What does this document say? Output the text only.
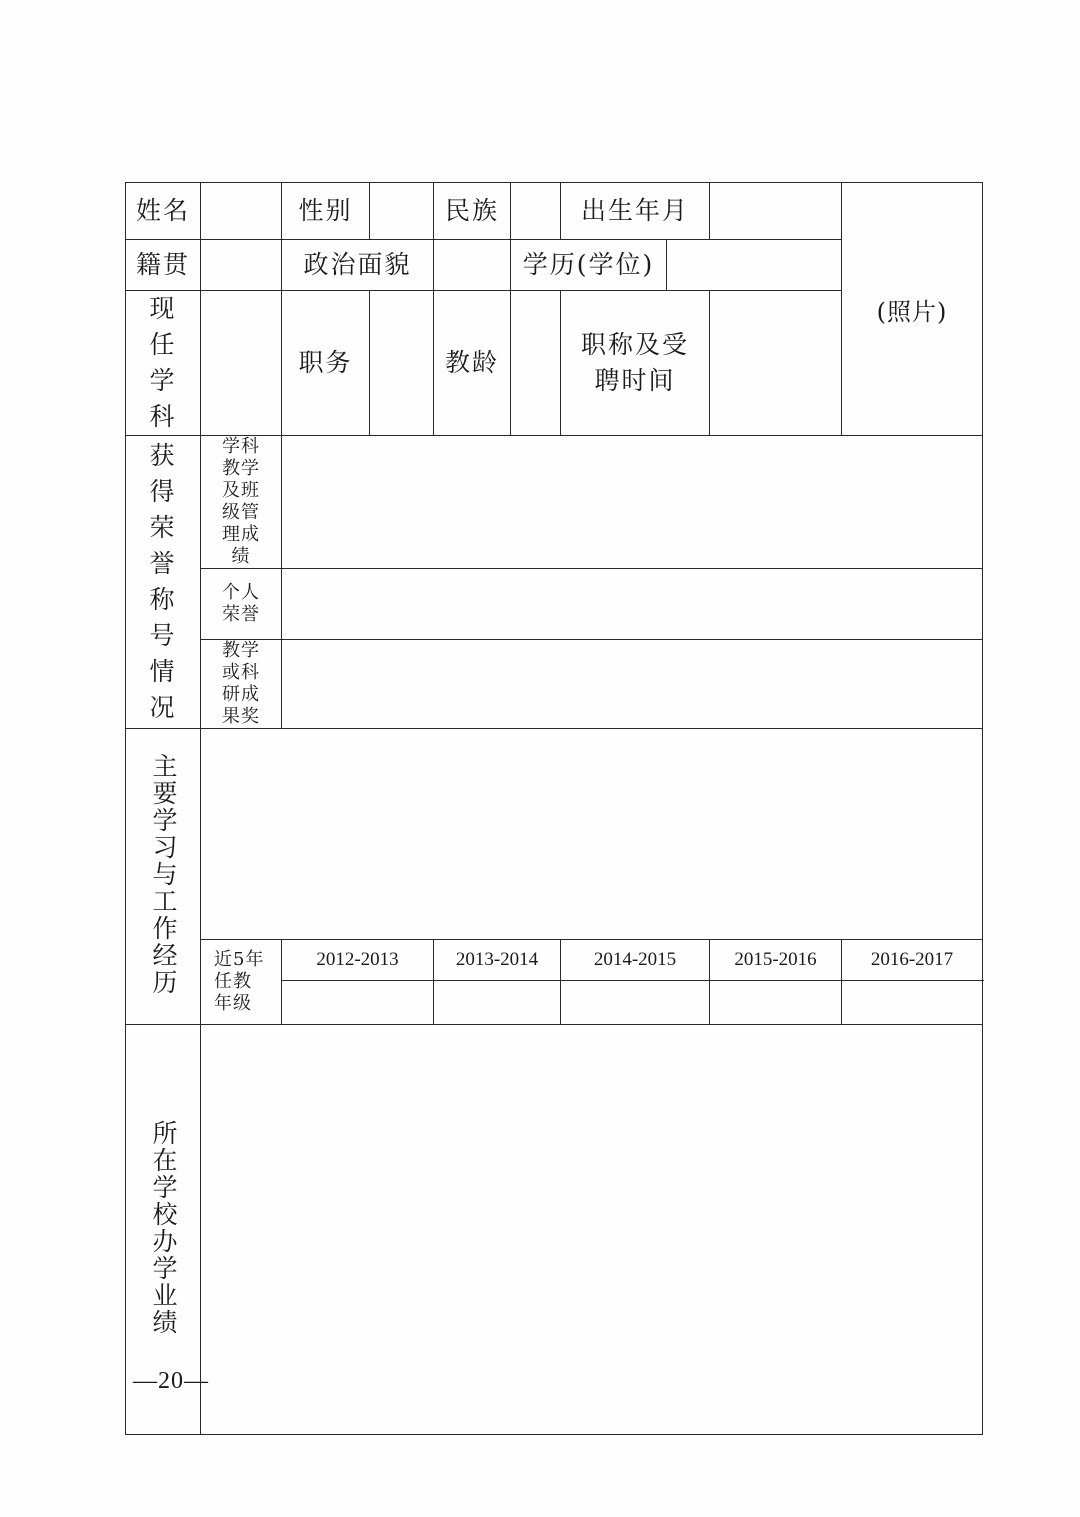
姓名		性别		民族		出生年月			(照片)
籍贯		政治面貌			学历(学位)				
现任学科		职务		教龄		职称及受聘时间			
获得荣誉称号情况	学科教学及班级管理成绩								
	个人荣誉								
	教学或科研成果奖								
主要学习与工作经历									
	近5年任教年级	2012-2013		2013-2014		2014-2015		2015-2016	2016-2017

所在学校办学业绩									
—20—
